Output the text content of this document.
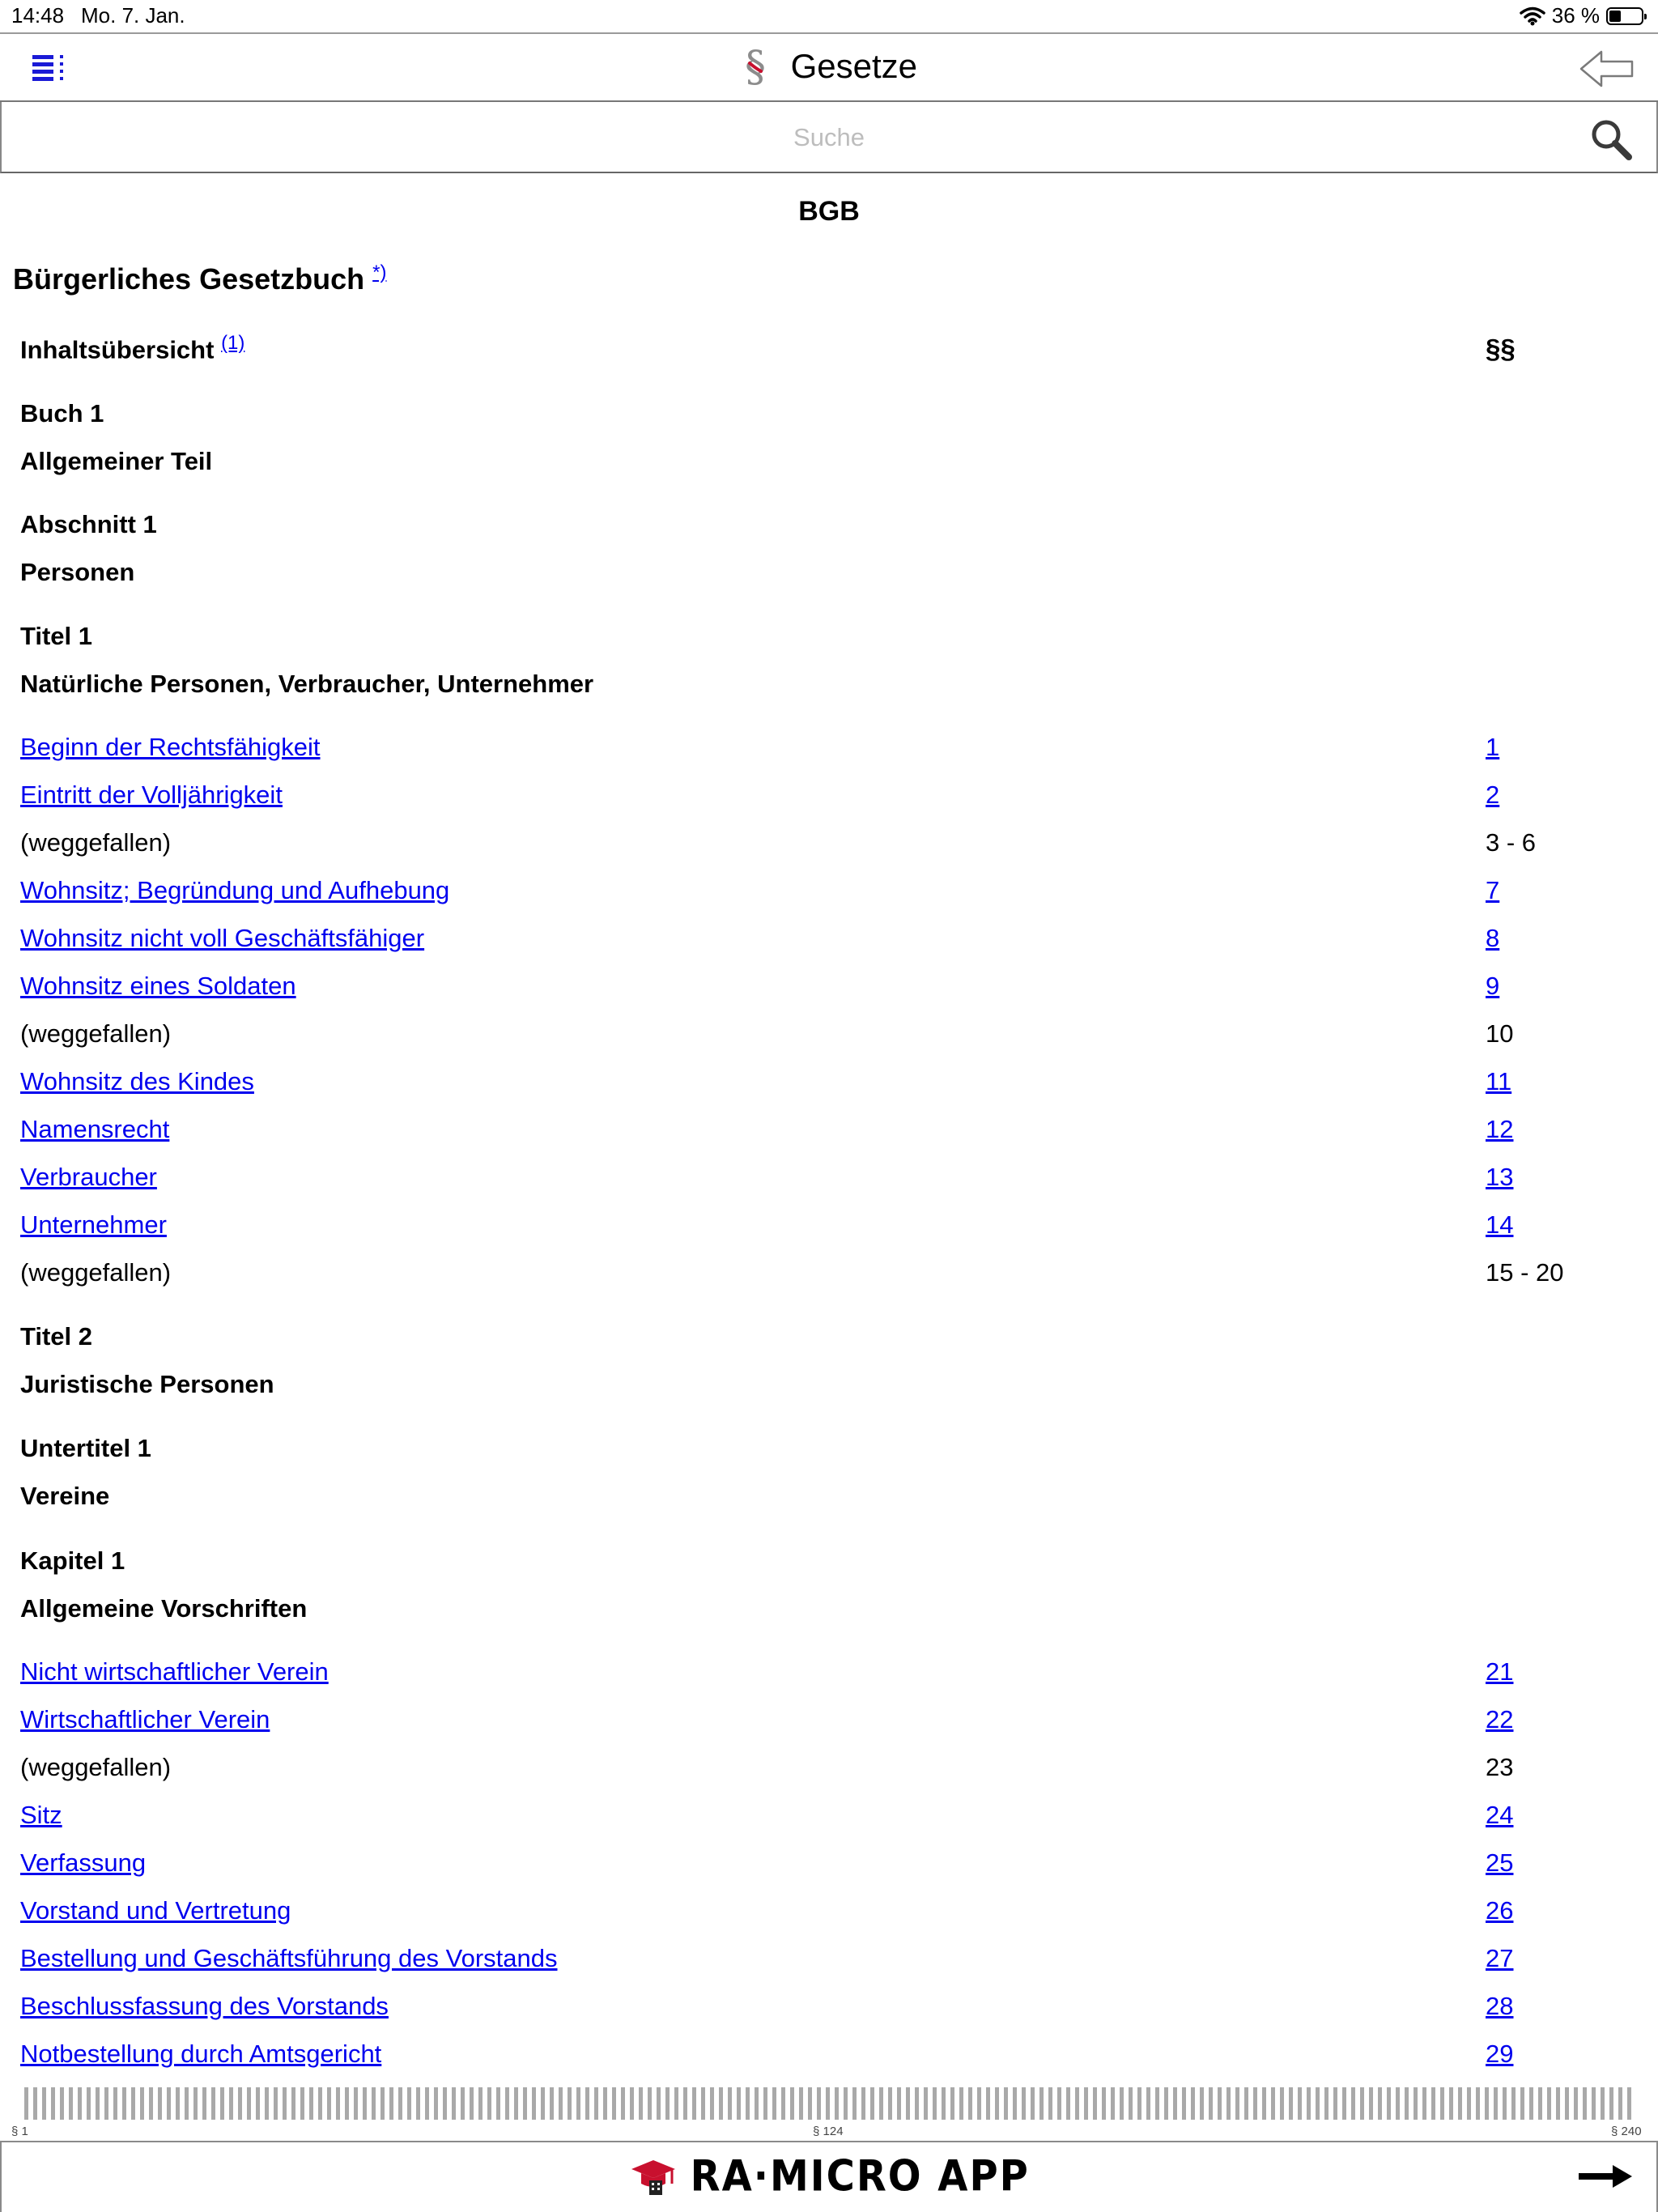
14:48 Mo. 7. Jan.	36 %
§ Gesetze
Suche
BGB
Bürgerliches Gesetzbuch *)
Inhaltsübersicht $^{(1)}$	§§
Buch 1
Allgemeiner Teil
Abschnitt 1
Personen
Titel 1
Natürliche Personen, Verbraucher, Unternehmer
Beginn der Rechtsfähigkeit	1
Eintritt der Volljährigkeit	2
(weggefallen)	3 - 6
Wohnsitz; Begründung und Aufhebung	7
Wohnsitz nicht voll Geschäftsfähiger	8
Wohnsitz eines Soldaten	9
(weggefallen)	10
Wohnsitz des Kindes	11
Namensrecht	12
Verbraucher	13
Unternehmer	14
(weggefallen)	15 - 20
Titel 2
Juristische Personen
Untertitel 1
Vereine
Kapitel 1
Allgemeine Vorschriften
Nicht wirtschaftlicher Verein	21
Wirtschaftlicher Verein	22
(weggefallen)	23
Sitz	24
Verfassung	25
Vorstand und Vertretung	26
Bestellung und Geschäftsführung des Vorstands	27
Beschlussfassung des Vorstands	28
Notbestellung durch Amtsgericht	29
§ 1	§ 124	§ 240
RA·MICRO APP
